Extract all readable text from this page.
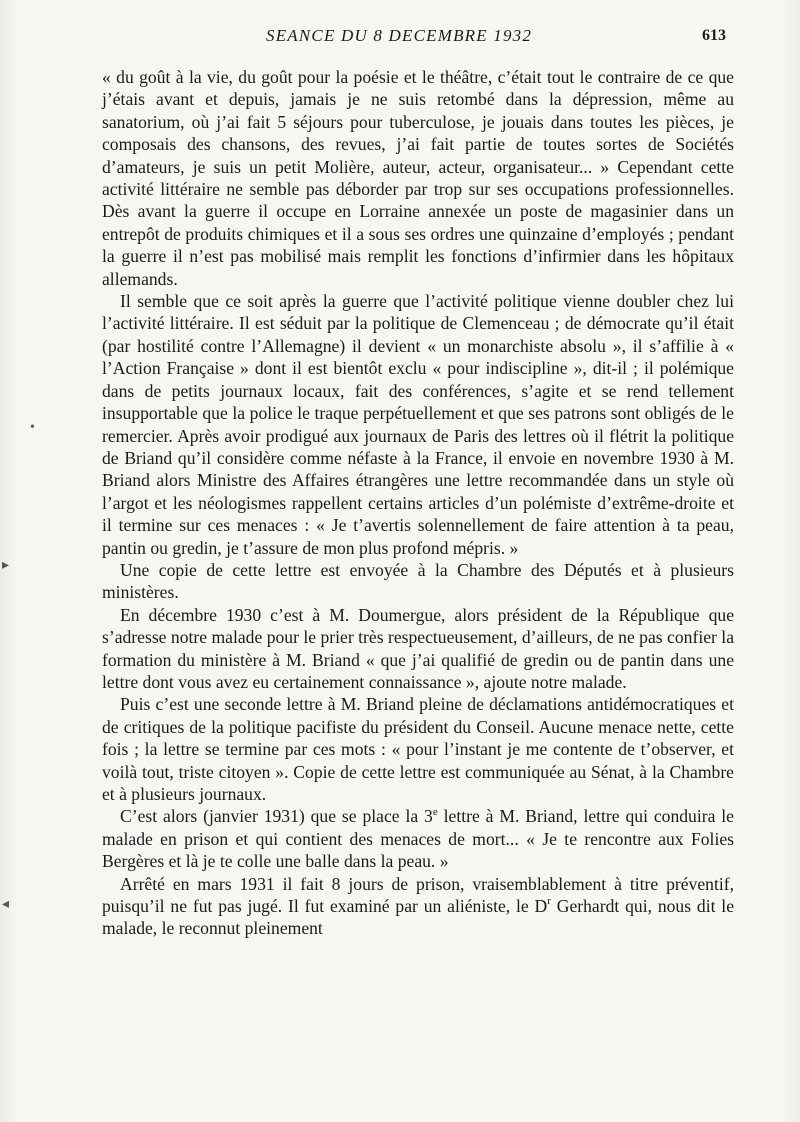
SEANCE DU 8 DECEMBRE 1932	613

« du goût à la vie, du goût pour la poésie et le théâtre, c’était tout le contraire de ce que j’étais avant et depuis, jamais je ne suis retombé dans la dépression, même au sanatorium, où j’ai fait 5 séjours pour tuberculose, je jouais dans toutes les pièces, je composais des chansons, des revues, j’ai fait partie de toutes sortes de Sociétés d’amateurs, je suis un petit Molière, auteur, acteur, organisateur... » Cependant cette activité littéraire ne semble pas déborder par trop sur ses occupations professionnelles. Dès avant la guerre il occupe en Lorraine annexée un poste de magasinier dans un entrepôt de produits chimiques et il a sous ses ordres une quinzaine d’employés ; pendant la guerre il n’est pas mobilisé mais remplit les fonctions d’infirmier dans les hôpitaux allemands.

Il semble que ce soit après la guerre que l’activité politique vienne doubler chez lui l’activité littéraire. Il est séduit par la politique de Clemenceau ; de démocrate qu’il était (par hostilité contre l’Allemagne) il devient « un monarchiste absolu », il s’affilie à « l’Action Française » dont il est bientôt exclu « pour indiscipline », dit-il ; il polémique dans de petits journaux locaux, fait des conférences, s’agite et se rend tellement insupportable que la police le traque perpétuellement et que ses patrons sont obligés de le remercier. Après avoir prodigué aux journaux de Paris des lettres où il flétrit la politique de Briand qu’il considère comme néfaste à la France, il envoie en novembre 1930 à M. Briand alors Ministre des Affaires étrangères une lettre recommandée dans un style où l’argot et les néologismes rappellent certains articles d’un polémiste d’extrême-droite et il termine sur ces menaces : « Je t’avertis solennellement de faire attention à ta peau, pantin ou gredin, je t’assure de mon plus profond mépris. »

Une copie de cette lettre est envoyée à la Chambre des Députés et à plusieurs ministères.

En décembre 1930 c’est à M. Doumergue, alors président de la République que s’adresse notre malade pour le prier très respectueusement, d’ailleurs, de ne pas confier la formation du ministère à M. Briand « que j’ai qualifié de gredin ou de pantin dans une lettre dont vous avez eu certainement connaissance », ajoute notre malade.

Puis c’est une seconde lettre à M. Briand pleine de déclamations antidémocratiques et de critiques de la politique pacifiste du président du Conseil. Aucune menace nette, cette fois ; la lettre se termine par ces mots : « pour l’instant je me contente de t’observer, et voilà tout, triste citoyen ». Copie de cette lettre est communiquée au Sénat, à la Chambre et à plusieurs journaux.

C’est alors (janvier 1931) que se place la 3e lettre à M. Briand, lettre qui conduira le malade en prison et qui contient des menaces de mort... « Je te rencontre aux Folies Bergères et là je te colle une balle dans la peau. »

Arrêté en mars 1931 il fait 8 jours de prison, vraisemblablement à titre préventif, puisqu’il ne fut pas jugé. Il fut examiné par un aliéniste, le $D^r$ Gerhardt qui, nous dit le malade, le reconnut pleinement

•
▸
◂
